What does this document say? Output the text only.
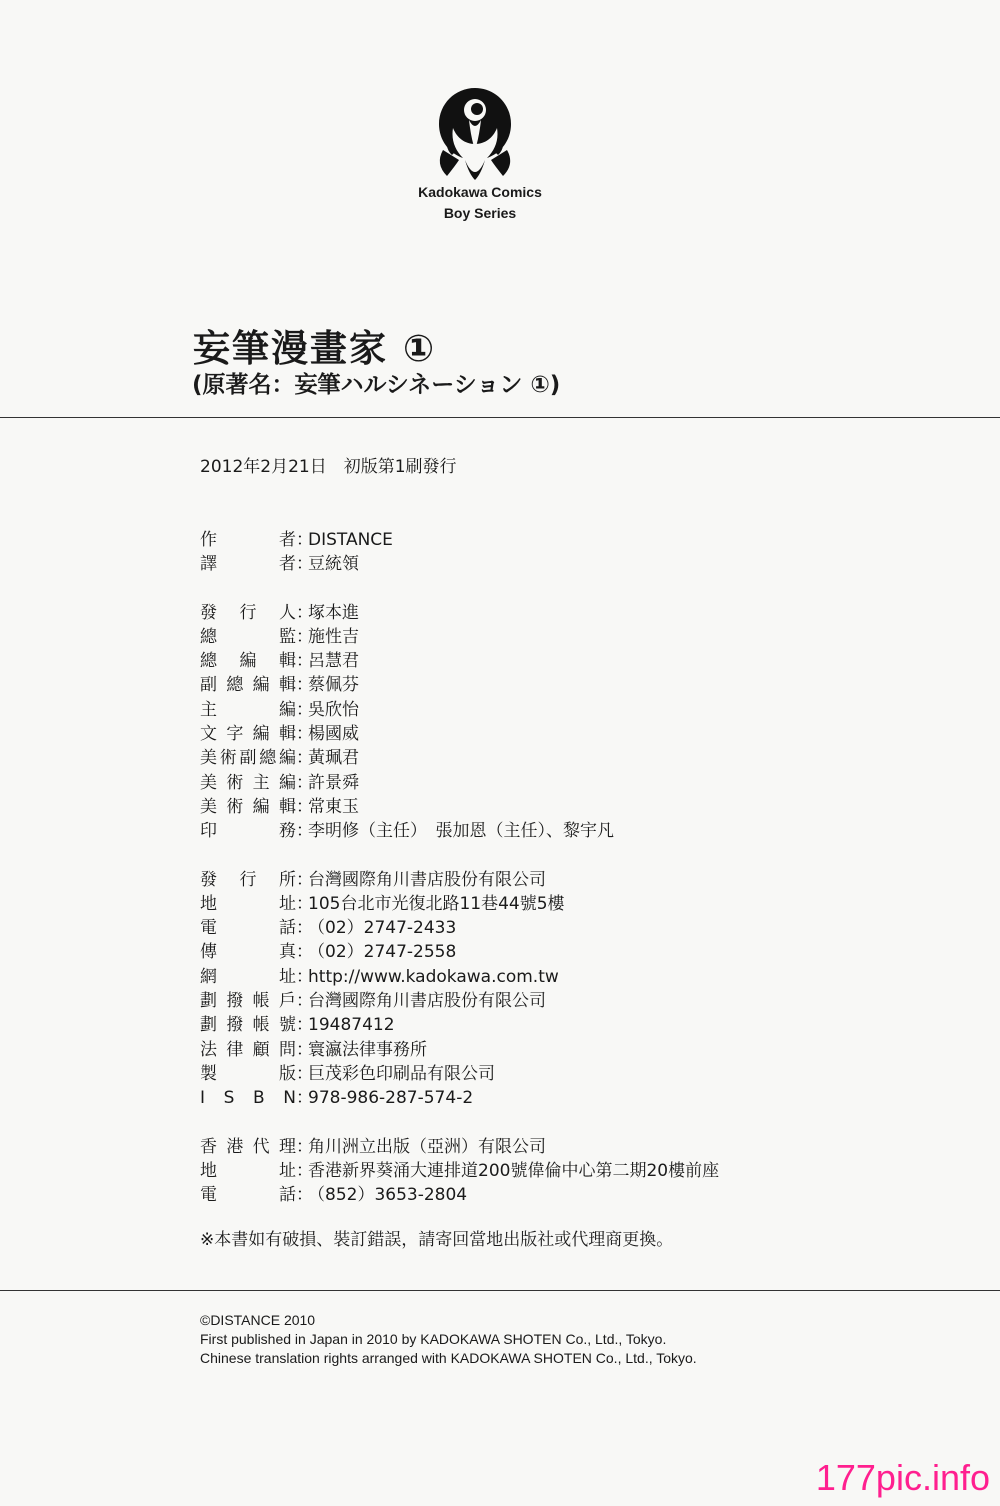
Kadokawa Comics
Boy Series
妄筆漫畫家 ①
(原著名：妄筆ハルシネーション ①)
2012年2月21日　初版第1刷發行
作	者 ：
DISTANCE
譯	者 ：
豆統領
發 行 人 ：
塚本進
總	監 ：
施性吉
總 編 輯 ：
呂慧君
副 總 編 輯 ：
蔡佩芬
主	編 ：
吳欣怡
文 字 編 輯 ：
楊國威
美 術 副 總 編 ：
黃珮君
美 術 主 編 ：
許景舜
美 術 編 輯 ：
常東玉
印	務 ：
李明修（主任）　張加恩（主任）、黎宇凡
發 行 所 ：
台灣國際角川書店股份有限公司
地	址 ：
105台北市光復北路11巷44號5樓
電	話 ：
（02）2747-2433
傳	真 ：
（02）2747-2558
網	址 ：
http://www.kadokawa.com.tw
劃 撥 帳 戶 ：
台灣國際角川書店股份有限公司
劃 撥 帳 號 ：
19487412
法 律 顧 問 ：
寰瀛法律事務所
製	版 ：
巨茂彩色印刷品有限公司
I S B N ：
978-986-287-574-2
香 港 代 理 ：
角川洲立出版（亞洲）有限公司
地	址 ：
香港新界葵涌大連排道200號偉倫中心第二期20樓前座
電	話 ：
（852）3653-2804
※本書如有破損、裝訂錯誤，請寄回當地出版社或代理商更換。
©DISTANCE 2010
First published in Japan in 2010 by KADOKAWA SHOTEN Co., Ltd., Tokyo.
Chinese translation rights arranged with KADOKAWA SHOTEN Co., Ltd., Tokyo.
177pic.info
